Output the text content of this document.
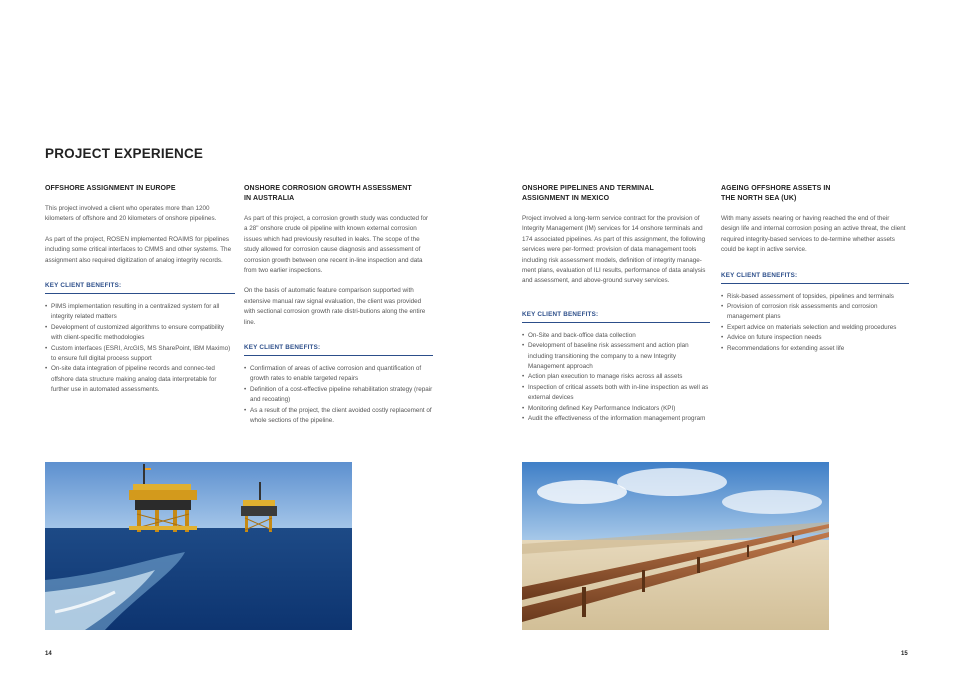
PROJECT EXPERIENCE
OFFSHORE ASSIGNMENT IN EUROPE

This project involved a client who operates more than 1200 kilometers of offshore and 20 kilometers of onshore pipelines.

As part of the project, ROSEN implemented ROAIMS for pipelines including some critical interfaces to CMMS and other systems. The assignment also required digitization of analog integrity records.

KEY CLIENT BENEFITS:
• PIMS implementation resulting in a centralized system for all integrity related matters
• Development of customized algorithms to ensure compatibility with client-specific methodologies
• Custom interfaces (ESRI, ArcGIS, MS SharePoint, IBM Maximo) to ensure full digital process support
• On-site data integration of pipeline records and connec-ted offshore data structure making analog data interpretable for further use in automated assessments.
ONSHORE CORROSION GROWTH ASSESSMENT
IN AUSTRALIA

As part of this project, a corrosion growth study was conducted for a 28" onshore crude oil pipeline with known external corrosion issues which had previously resulted in leaks. The scope of the study allowed for corrosion cause diagnosis and assessment of corrosion growth between one recent in-line inspection and data from two earlier inspections.

On the basis of automatic feature comparison supported with extensive manual raw signal evaluation, the client was provided with sectional corrosion growth rate distri-butions along the entire line.

KEY CLIENT BENEFITS:
• Confirmation of areas of active corrosion and quantification of growth rates to enable targeted repairs
• Definition of a cost-effective pipeline rehabilitation strategy (repair and recoating)
• As a result of the project, the client avoided costly replacement of whole sections of the pipeline.
ONSHORE PIPELINES AND TERMINAL
ASSIGNMENT IN MEXICO

Project involved a long-term service contract for the provision of Integrity Management (IM) services for 14 onshore terminals and 174 associated pipelines. As part of this assignment, the following services were per-formed: provision of data management tools including risk assessment models, definition of integrity manage-ment plans, evaluation of ILI results, performance of data analysis and assessment, and above-ground survey services.

KEY CLIENT BENEFITS:
• On-Site and back-office data collection
• Development of baseline risk assessment and action plan including transitioning the company to a new Integrity Management approach
• Action plan execution to manage risks across all assets
• Inspection of critical assets both with in-line inspection as well as external devices
• Monitoring defined Key Performance Indicators (KPI)
• Audit the effectiveness of the information management program
AGEING OFFSHORE ASSETS IN
THE NORTH SEA (UK)

With many assets nearing or having reached the end of their design life and internal corrosion posing an active threat, the client required integrity-based services to de-termine whether assets could be kept in active service.

KEY CLIENT BENEFITS:
• Risk-based assessment of topsides, pipelines and terminals
• Provision of corrosion risk assessments and corrosion management plans
• Expert advice on materials selection and welding procedures
• Advice on future inspection needs
• Recommendations for extending asset life
14	15
